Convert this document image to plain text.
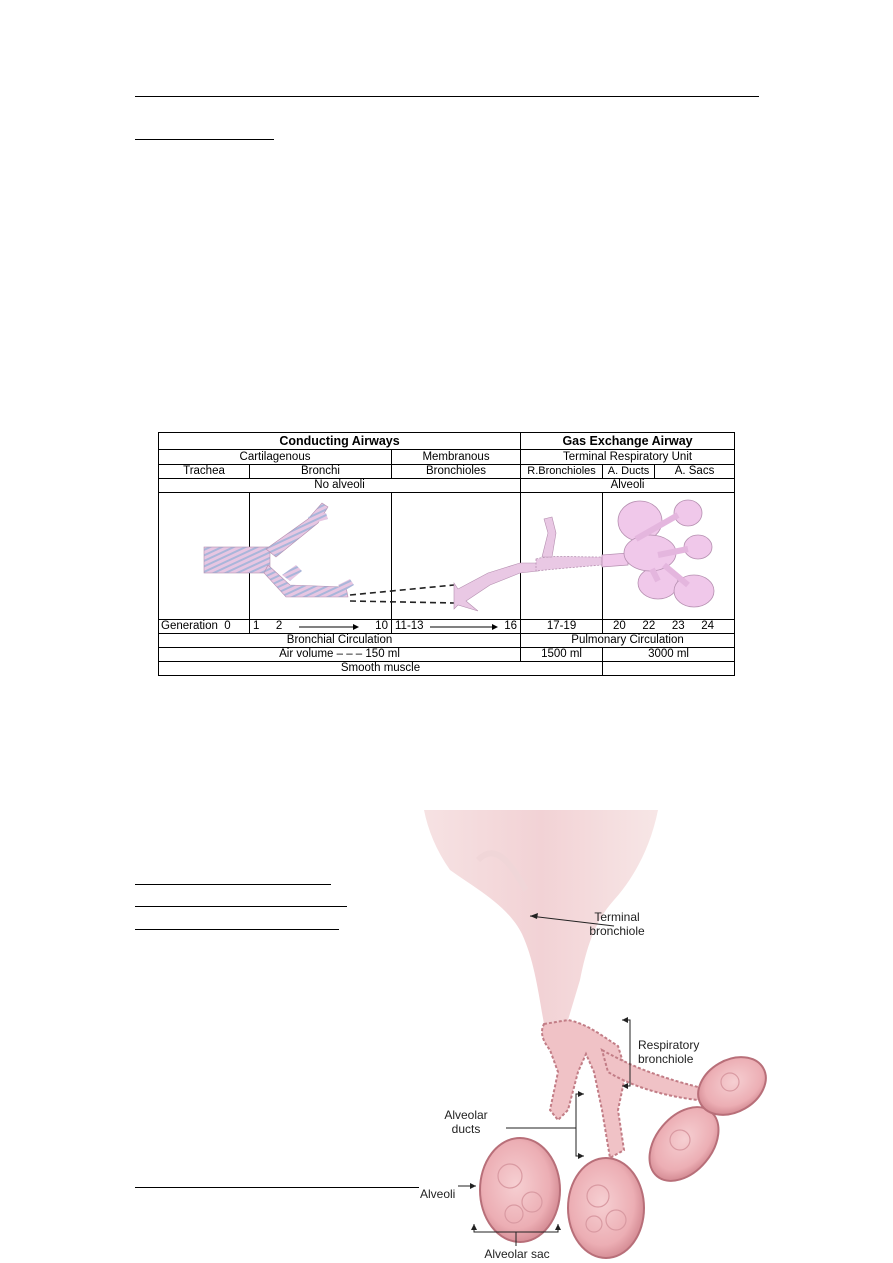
Conducting Airways			Gas Exchange Airway		
Cartilagenous		Membranous	Terminal Respiratory Unit		
Trachea	Bronchi	Bronchioles	R.Bronchioles	A. Ducts	A. Sacs
No alveoli			Alveoli		

Generation 0	1 2 10	11-13 16	17-19	20 22 23 24	

Bronchial Circulation			Pulmonary Circulation		
Air volume – – – 150 ml			1500 ml	3000 ml	
Smooth muscle					
Terminal
bronchiole
Respiratory
bronchiole
Alveolar
ducts
Alveoli
Alveolar sac
